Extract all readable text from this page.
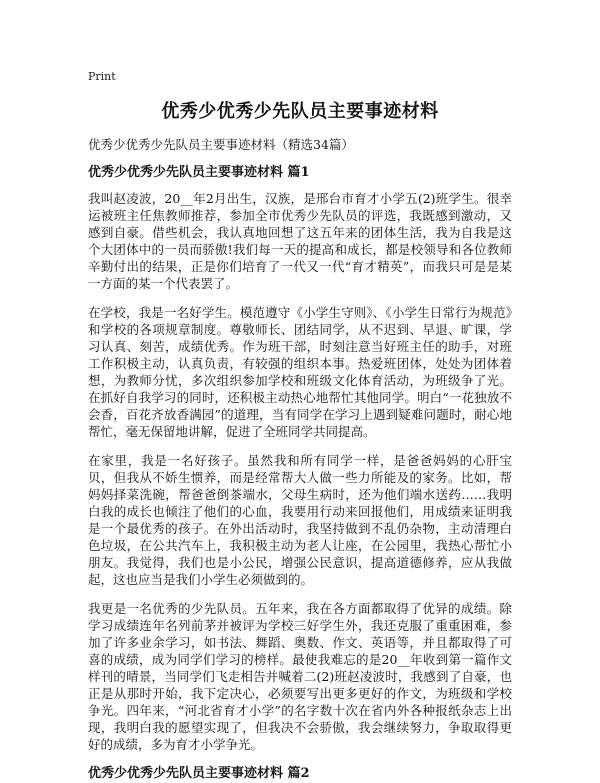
Print
优秀少优秀少先队员主要事迹材料

优秀少优秀少先队员主要事迹材料（精选34篇）

优秀少优秀少先队员主要事迹材料 篇1

我叫赵凌波，20__年2月出生，汉族，是邢台市育才小学五(2)班学生。很幸运被班主任焦教师推荐，参加全市优秀少先队员的评选，我既感到激动，又感到自豪。借些机会，我认真地回想了这五年来的团体生活，我为自我是这个大团体中的一员而骄傲!我们每一天的提高和成长，都是校领导和各位教师辛勤付出的结果，正是你们培育了一代又一代“育才精英”，而我只可是是某一方面的某一个代表罢了。

在学校，我是一名好学生。模范遵守《小学生守则》、《小学生日常行为规范》和学校的各项规章制度。尊敬师长、团结同学，从不迟到、早退、旷课，学习认真、刻苦，成绩优秀。作为班干部，时刻注意当好班主任的助手，对班工作积极主动，认真负责，有较强的组织本事。热爱班团体，处处为团体着想，为教师分忧，多次组织参加学校和班级文化体育活动，为班级争了光。在抓好自我学习的同时，还积极主动热心地帮忙其他同学。明白“一花独放不会香，百花齐放香满园”的道理，当有同学在学习上遇到疑难问题时，耐心地帮忙，毫无保留地讲解，促进了全班同学共同提高。

在家里，我是一名好孩子。虽然我和所有同学一样，是爸爸妈妈的心肝宝贝，但我从不娇生惯养，而是经常帮大人做一些力所能及的家务。比如，帮妈妈择菜洗碗，帮爸爸倒茶端水，父母生病时，还为他们端水送药……我明白我的成长也倾注了他们的心血，我要用行动来回报他们，用成绩来证明我是一个最优秀的孩子。在外出活动时，我坚持做到不乱仍杂物，主动清理白色垃圾，在公共汽车上，我积极主动为老人让座，在公园里，我热心帮忙小朋友。我觉得，我们也是小公民，增强公民意识，提高道德修养，应从我做起，这也应当是我们小学生必须做到的。

我更是一名优秀的少先队员。五年来，我在各方面都取得了优异的成绩。除学习成绩连年名列前茅并被评为学校三好学生外，我还克服了重重困难，参加了许多业余学习，如书法、舞蹈、奥数、作文、英语等，并且都取得了可喜的成绩，成为同学们学习的榜样。最使我难忘的是20__年收到第一篇作文样刊的晴景，当同学们飞走相告并喊着二(2)班赵凌波时，我感到了自豪，也正是从那时开始，我下定决心，必须要写出更多更好的作文，为班级和学校争光。四年来，“河北省育才小学”的名字数十次在省内外各种报纸杂志上出现，我明白我的愿望实现了，但我决不会骄傲，我会继续努力，争取取得更好的成绩，多为育才小学争光。

优秀少优秀少先队员主要事迹材料 篇2
